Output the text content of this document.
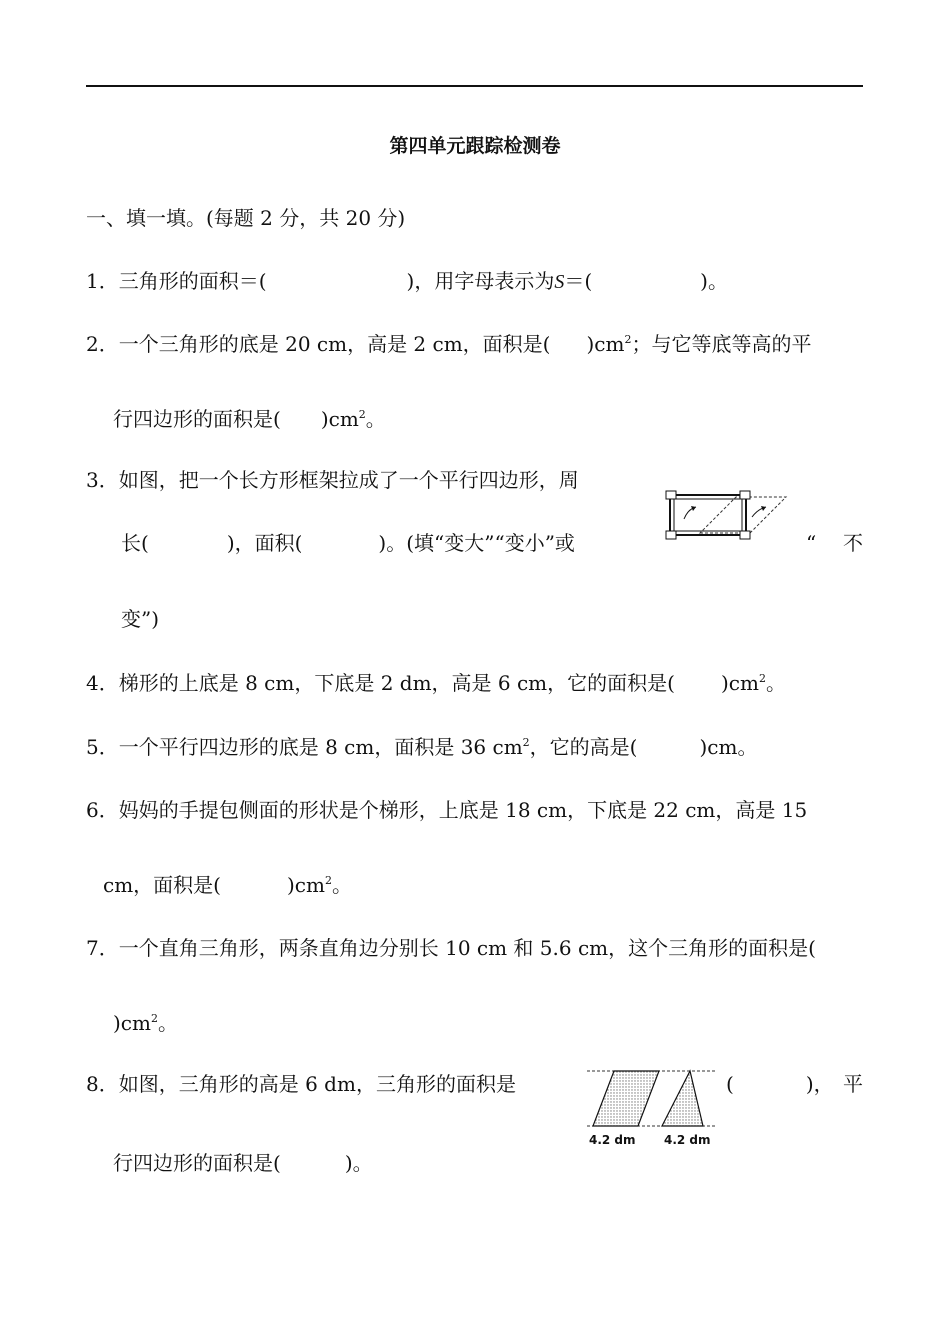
第四单元跟踪检测卷
一、填一填。(每题 2 分，共 20 分)
1．三角形的面积＝(	)，用字母表示为S＝(	)。
2．一个三角形的底是 20 cm，高是 2 cm，面积是( )$cm^2$；与它等底等高的平
行四边形的面积是( )$cm^2$。
3．如图，把一个长方形框架拉成了一个平行四边形，周
长(	)，面积(	)。(填“变大”“变小”或	“ 不
变”)
4．梯形的上底是 8 cm，下底是 2 dm，高是 6 cm，它的面积是( )$cm^2$。
5．一个平行四边形的底是 8 cm，面积是 36 $cm^2$，它的高是(	)cm。
6．妈妈的手提包侧面的形状是个梯形，上底是 18 cm，下底是 22 cm，高是 15
cm，面积是(	)$cm^2$。
7．一个直角三角形，两条直角边分别长 10 cm 和 5.6 cm，这个三角形的面积是(
)$cm^2$。
8．如图，三角形的高是 6 dm，三角形的面积是	(	)， 平
行四边形的面积是(	)。
4.2 dm 4.2 dm
